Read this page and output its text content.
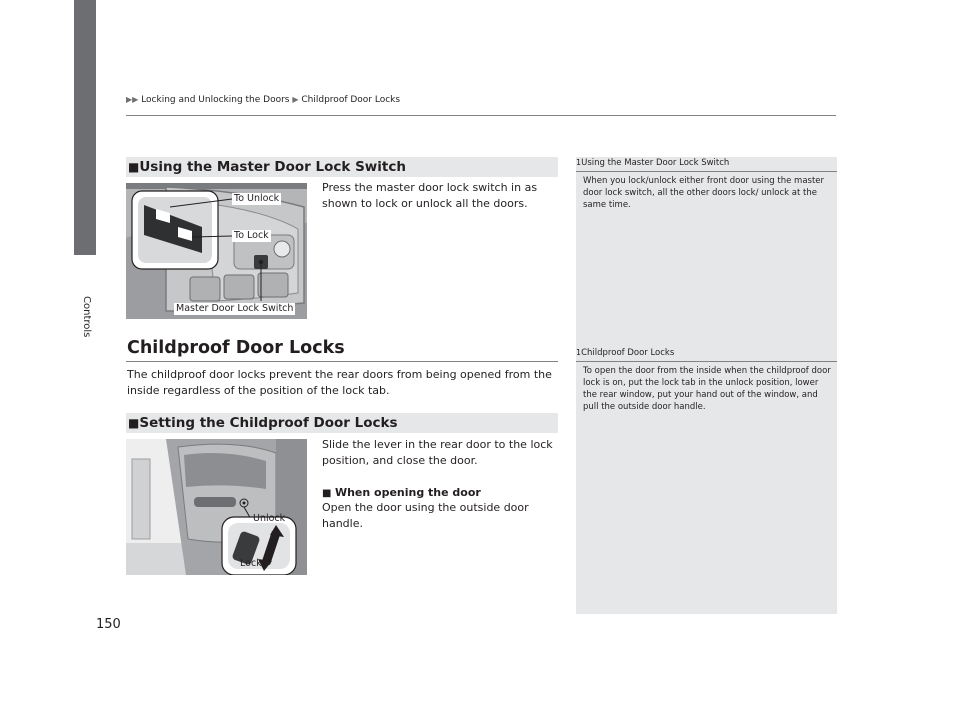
Controls
▶▶ Locking and Unlocking the Doors ▶ Childproof Door Locks
1Using the Master Door Lock Switch
When you lock/unlock either front door using the master door lock switch, all the other doors lock/ unlock at the same time.
1Childproof Door Locks
To open the door from the inside when the childproof door lock is on, put the lock tab in the unlock position, lower the rear window, put your hand out of the window, and pull the outside door handle.
■Using the Master Door Lock Switch
To Unlock
To Lock
Master Door Lock Switch
Press the master door lock switch in as shown to lock or unlock all the doors.
Childproof Door Locks
The childproof door locks prevent the rear doors from being opened from the inside regardless of the position of the lock tab.
■Setting the Childproof Door Locks
Unlock
Lock
Slide the lever in the rear door to the lock position, and close the door.
■ When opening the door
Open the door using the outside door handle.
150
